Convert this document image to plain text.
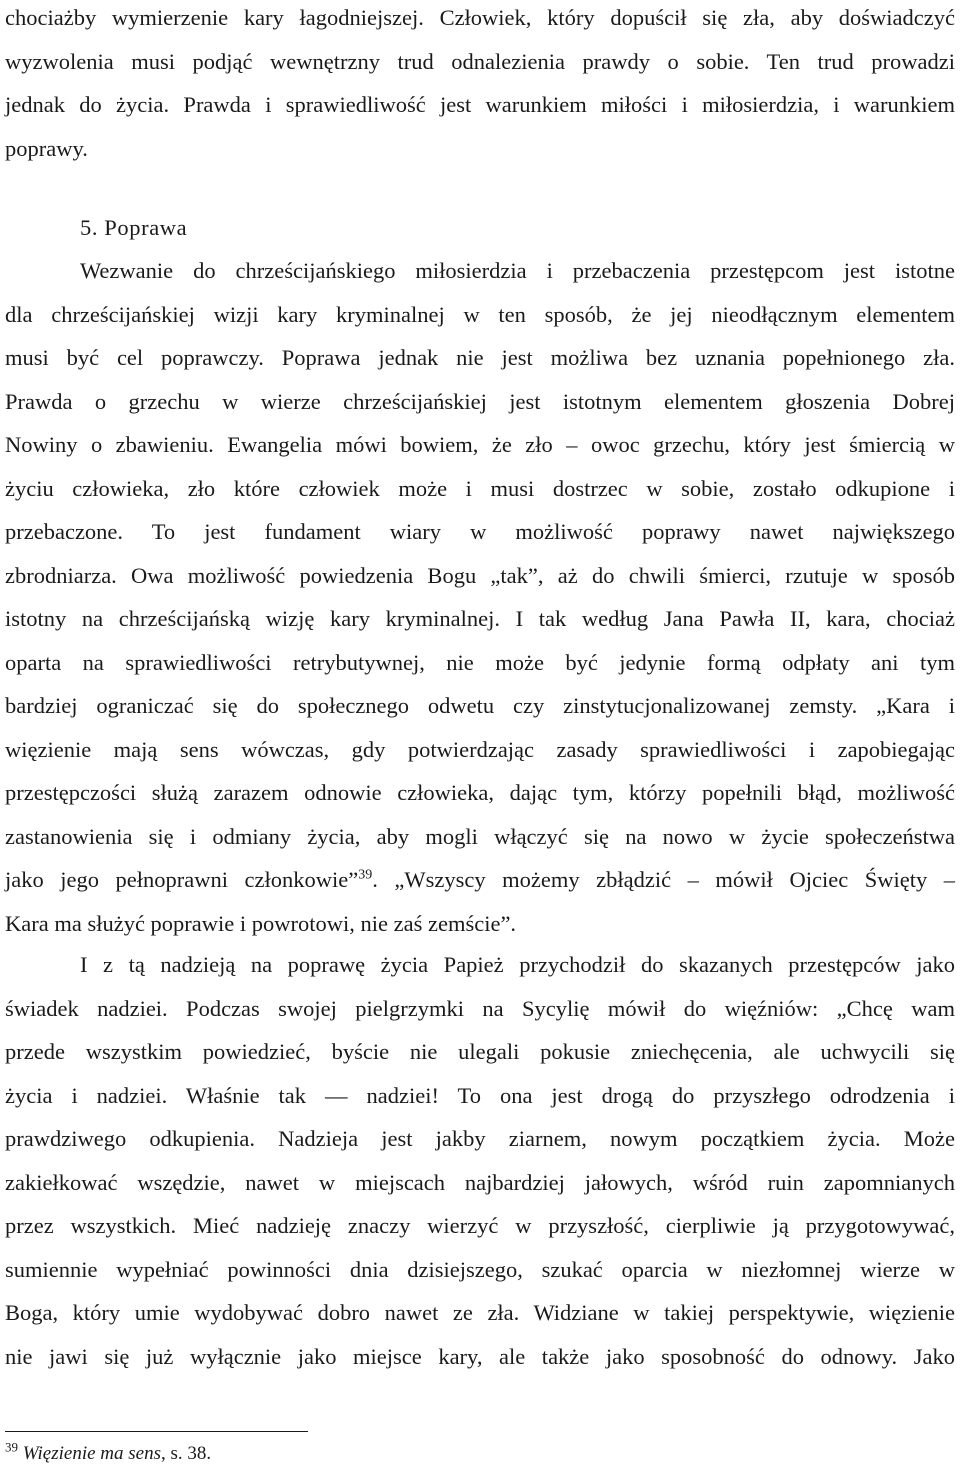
chociażby wymierzenie kary łagodniejszej. Człowiek, który dopuścił się zła, aby doświadczyć
wyzwolenia musi podjąć wewnętrzny trud odnalezienia prawdy o sobie. Ten trud prowadzi
jednak do życia. Prawda i sprawiedliwość jest warunkiem miłości i miłosierdzia, i warunkiem
poprawy.
5. Poprawa
Wezwanie do chrześcijańskiego miłosierdzia i przebaczenia przestępcom jest istotne
dla chrześcijańskiej wizji kary kryminalnej w ten sposób, że jej nieodłącznym elementem
musi być cel poprawczy. Poprawa jednak nie jest możliwa bez uznania popełnionego zła.
Prawda o grzechu w wierze chrześcijańskiej jest istotnym elementem głoszenia Dobrej
Nowiny o zbawieniu. Ewangelia mówi bowiem, że zło – owoc grzechu, który jest śmiercią w
życiu człowieka, zło które człowiek może i musi dostrzec w sobie, zostało odkupione i
przebaczone. To jest fundament wiary w możliwość poprawy nawet największego
zbrodniarza. Owa możliwość powiedzenia Bogu „tak”, aż do chwili śmierci, rzutuje w sposób
istotny na chrześcijańską wizję kary kryminalnej. I tak według Jana Pawła II, kara, chociaż
oparta na sprawiedliwości retrybutywnej, nie może być jedynie formą odpłaty ani tym
bardziej ograniczać się do społecznego odwetu czy zinstytucjonalizowanej zemsty. „Kara i
więzienie mają sens wówczas, gdy potwierdzając zasady sprawiedliwości i zapobiegając
przestępczości służą zarazem odnowie człowieka, dając tym, którzy popełnili błąd, możliwość
zastanowienia się i odmiany życia, aby mogli włączyć się na nowo w życie społeczeństwa
jako jego pełnoprawni członkowie”$^{39}$. „Wszyscy możemy zbłądzić – mówił Ojciec Święty –
Kara ma służyć poprawie i powrotowi, nie zaś zemście”.
I z tą nadzieją na poprawę życia Papież przychodził do skazanych przestępców jako
świadek nadziei. Podczas swojej pielgrzymki na Sycylię mówił do więźniów: „Chcę wam
przede wszystkim powiedzieć, byście nie ulegali pokusie zniechęcenia, ale uchwycili się
życia i nadziei. Właśnie tak — nadziei! To ona jest drogą do przyszłego odrodzenia i
prawdziwego odkupienia. Nadzieja jest jakby ziarnem, nowym początkiem życia. Może
zakiełkować wszędzie, nawet w miejscach najbardziej jałowych, wśród ruin zapomnianych
przez wszystkich. Mieć nadzieję znaczy wierzyć w przyszłość, cierpliwie ją przygotowywać,
sumiennie wypełniać powinności dnia dzisiejszego, szukać oparcia w niezłomnej wierze w
Boga, który umie wydobywać dobro nawet ze zła. Widziane w takiej perspektywie, więzienie
nie jawi się już wyłącznie jako miejsce kary, ale także jako sposobność do odnowy. Jako
$^{39}$ Więzienie ma sens, s. 38.
